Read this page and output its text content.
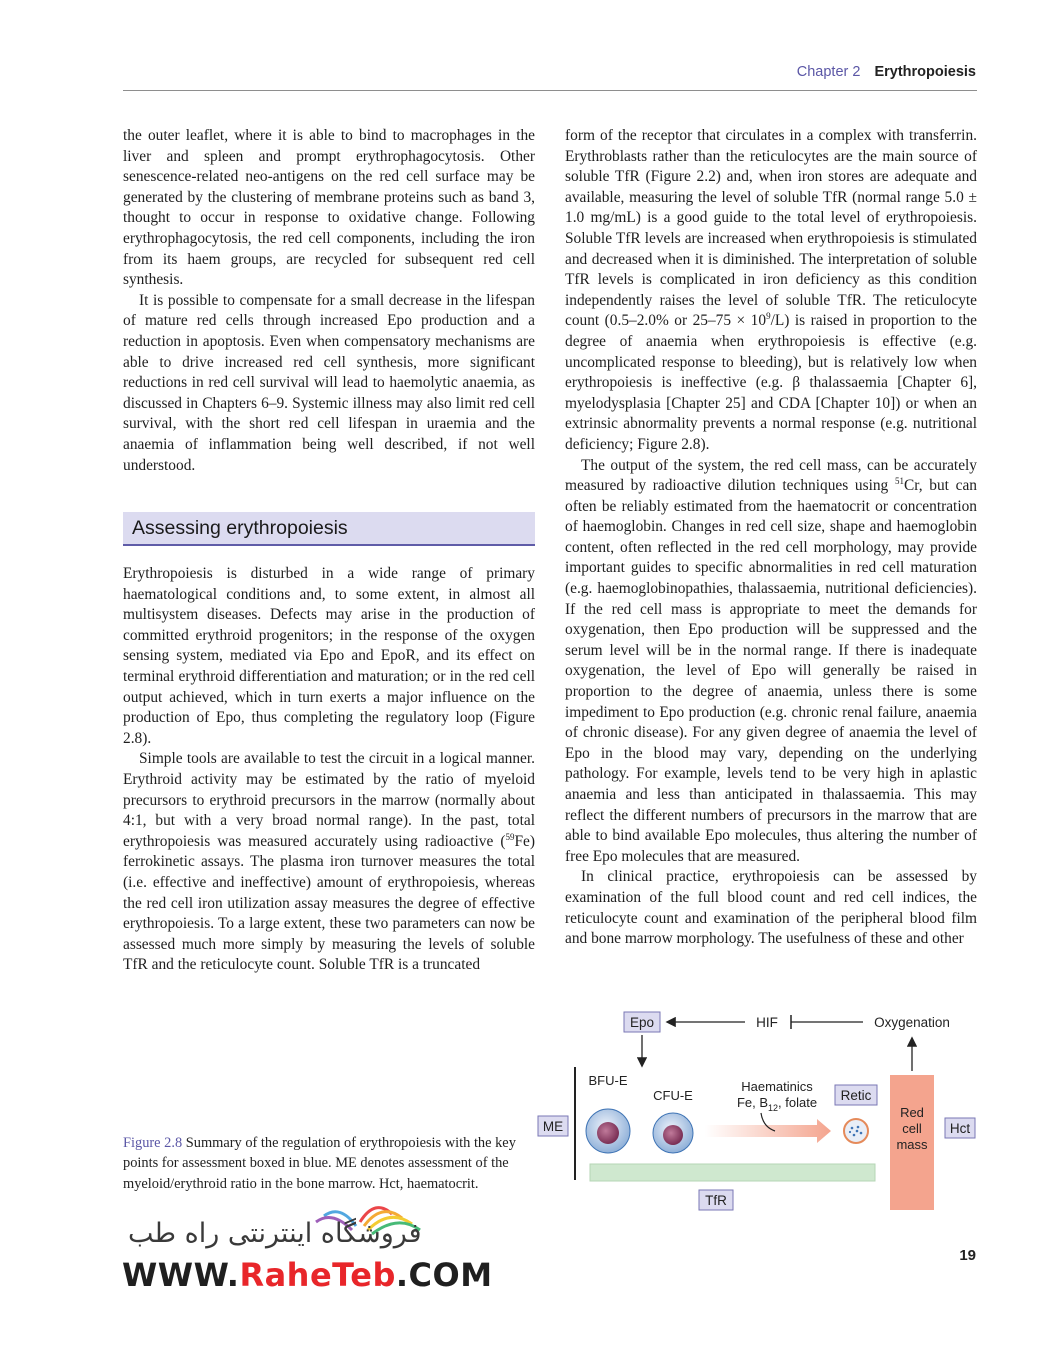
Chapter 2 Erythropoiesis

the outer leaflet, where it is able to bind to macrophages in the liver and spleen and prompt erythrophagocytosis. Other senescence-related neo-antigens on the red cell surface may be generated by the clustering of membrane proteins such as band 3, thought to occur in response to oxidative change. Following erythrophagocytosis, the red cell components, including the iron from its haem groups, are recycled for subsequent red cell synthesis.

It is possible to compensate for a small decrease in the lifespan of mature red cells through increased Epo production and a reduction in apoptosis. Even when compensatory mechanisms are able to drive increased red cell synthesis, more significant reductions in red cell survival will lead to haemolytic anaemia, as discussed in Chapters 6–9. Systemic illness may also limit red cell survival, with the short red cell lifespan in uraemia and the anaemia of inflammation being well described, if not well understood.

Assessing erythropoiesis

Erythropoiesis is disturbed in a wide range of primary haematological conditions and, to some extent, in almost all multisystem diseases. Defects may arise in the production of committed erythroid progenitors; in the response of the oxygen sensing system, mediated via Epo and EpoR, and its effect on terminal erythroid differentiation and maturation; or in the red cell output achieved, which in turn exerts a major influence on the production of Epo, thus completing the regulatory loop (Figure 2.8).

Simple tools are available to test the circuit in a logical manner. Erythroid activity may be estimated by the ratio of myeloid precursors to erythroid precursors in the marrow (normally about 4:1, but with a very broad normal range). In the past, total erythropoiesis was measured accurately using radioactive ($^{59}$Fe) ferrokinetic assays. The plasma iron turnover measures the total (i.e. effective and ineffective) amount of erythropoiesis, whereas the red cell iron utilization assay measures the degree of effective erythropoiesis. To a large extent, these two parameters can now be assessed much more simply by measuring the levels of soluble TfR and the reticulocyte count. Soluble TfR is a truncated

form of the receptor that circulates in a complex with transferrin. Erythroblasts rather than the reticulocytes are the main source of soluble TfR (Figure 2.2) and, when iron stores are adequate and available, measuring the level of soluble TfR (normal range 5.0 ± 1.0 mg/mL) is a good guide to the total level of erythropoiesis. Soluble TfR levels are increased when erythropoiesis is stimulated and decreased when it is diminished. The interpretation of soluble TfR levels is complicated in iron deficiency as this condition independently raises the level of soluble TfR. The reticulocyte count (0.5–2.0% or $25-75 \times 10^9/L$) is raised in proportion to the degree of anaemia when erythropoiesis is effective (e.g. uncomplicated response to bleeding), but is relatively low when erythropoiesis is ineffective (e.g. β thalassaemia [Chapter 6], myelodysplasia [Chapter 25] and CDA [Chapter 10]) or when an extrinsic abnormality prevents a normal response (e.g. nutritional deficiency; Figure 2.8).

The output of the system, the red cell mass, can be accurately measured by radioactive dilution techniques using $^{51}$Cr, but can often be reliably estimated from the haematocrit or concentration of haemoglobin. Changes in red cell size, shape and haemoglobin content, often reflected in the red cell morphology, may provide important guides to specific abnormalities in red cell maturation (e.g. haemoglobinopathies, thalassaemia, nutritional deficiencies). If the red cell mass is appropriate to meet the demands for oxygenation, then Epo production will be suppressed and the serum level will be in the normal range. If there is inadequate oxygenation, the level of Epo will generally be raised in proportion to the degree of anaemia, unless there is some impediment to Epo production (e.g. chronic renal failure, anaemia of chronic disease). For any given degree of anaemia the level of Epo in the blood may vary, depending on the underlying pathology. For example, levels tend to be very high in aplastic anaemia and less than anticipated in thalassaemia. This may reflect the different numbers of precursors in the marrow that are able to bind available Epo molecules, thus altering the number of free Epo molecules that are measured.

In clinical practice, erythropoiesis can be assessed by examination of the full blood count and red cell indices, the reticulocyte count and examination of the peripheral blood film and bone marrow morphology. The usefulness of these and other

Figure 2.8 Summary of the regulation of erythropoiesis with the key points for assessment boxed in blue. ME denotes assessment of the myeloid/erythroid ratio in the bone marrow. Hct, haematocrit.
Epo	HIF	Oxygenation
ME
BFU-E
CFU-E
Haematinics
Fe, $B_{12}$, folate Retic
Red
cell
mass
Hct
TfR
19
فروشگاه اینترنتی راه طب
WWW.RaheTeb.COM
